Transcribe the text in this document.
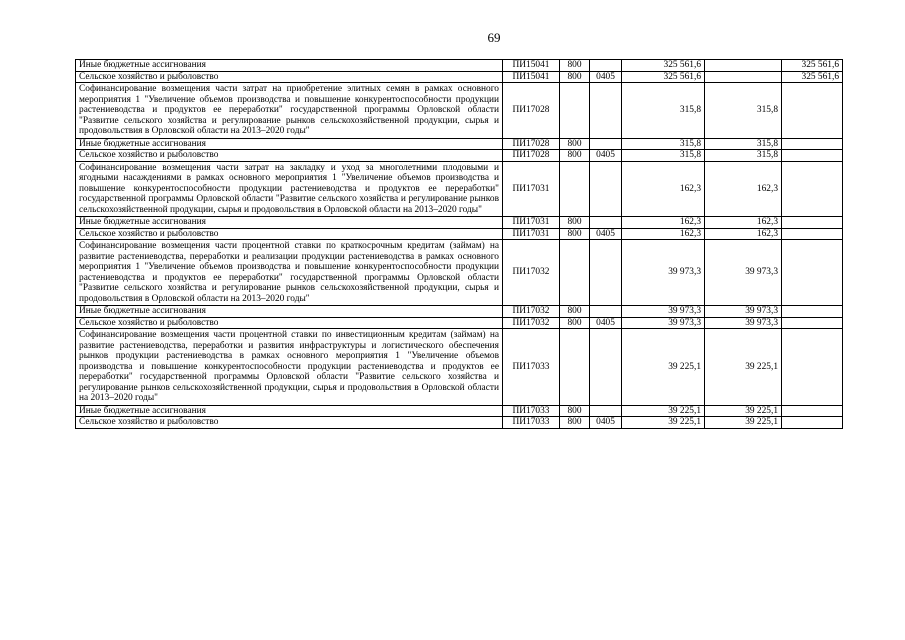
69
Иные бюджетные ассигнования	ПИ15041	800		325 561,6		325 561,6
Сельское хозяйство и рыболовство	ПИ15041	800	0405	325 561,6		325 561,6
Софинансирование возмещения части затрат на приобретение элитных семян в рамках основного мероприятия 1 "Увеличение объемов производства и повышение конкурентоспособности продукции растениеводства и продуктов ее переработки" государственной программы Орловской области "Развитие сельского хозяйства и регулирование рынков сельскохозяйственной продукции, сырья и продовольствия в Орловской области на 2013–2020 годы"	ПИ17028			315,8	315,8	
Иные бюджетные ассигнования	ПИ17028	800		315,8	315,8	
Сельское хозяйство и рыболовство	ПИ17028	800	0405	315,8	315,8	
Софинансирование возмещения части затрат на закладку и уход за многолетними плодовыми и ягодными насаждениями в рамках основного мероприятия 1 "Увеличение объемов производства и повышение конкурентоспособности продукции растениеводства и продуктов ее переработки" государственной программы Орловской области "Развитие сельского хозяйства и регулирование рынков сельскохозяйственной продукции, сырья и продовольствия в Орловской области на 2013–2020 годы"	ПИ17031			162,3	162,3	
Иные бюджетные ассигнования	ПИ17031	800		162,3	162,3	
Сельское хозяйство и рыболовство	ПИ17031	800	0405	162,3	162,3	
Софинансирование возмещения части процентной ставки по краткосрочным кредитам (займам) на развитие растениеводства, переработки и реализации продукции растениеводства в рамках основного мероприятия 1 "Увеличение объемов производства и повышение конкурентоспособности продукции растениеводства и продуктов ее переработки" государственной программы Орловской области "Развитие сельского хозяйства и регулирование рынков сельскохозяйственной продукции, сырья и продовольствия в Орловской области на 2013–2020 годы"	ПИ17032			39 973,3	39 973,3	
Иные бюджетные ассигнования	ПИ17032	800		39 973,3	39 973,3	
Сельское хозяйство и рыболовство	ПИ17032	800	0405	39 973,3	39 973,3	
Софинансирование возмещения части процентной ставки по инвестиционным кредитам (займам) на развитие растениеводства, переработки и развития инфраструктуры и логистического обеспечения рынков продукции растениеводства в рамках основного мероприятия 1 "Увеличение объемов производства и повышение конкурентоспособности продукции растениеводства и продуктов ее переработки" государственной программы Орловской области "Развитие сельского хозяйства и регулирование рынков сельскохозяйственной продукции, сырья и продовольствия в Орловской области на 2013–2020 годы"	ПИ17033			39 225,1	39 225,1	
Иные бюджетные ассигнования	ПИ17033	800		39 225,1	39 225,1	
Сельское хозяйство и рыболовство	ПИ17033	800	0405	39 225,1	39 225,1	
